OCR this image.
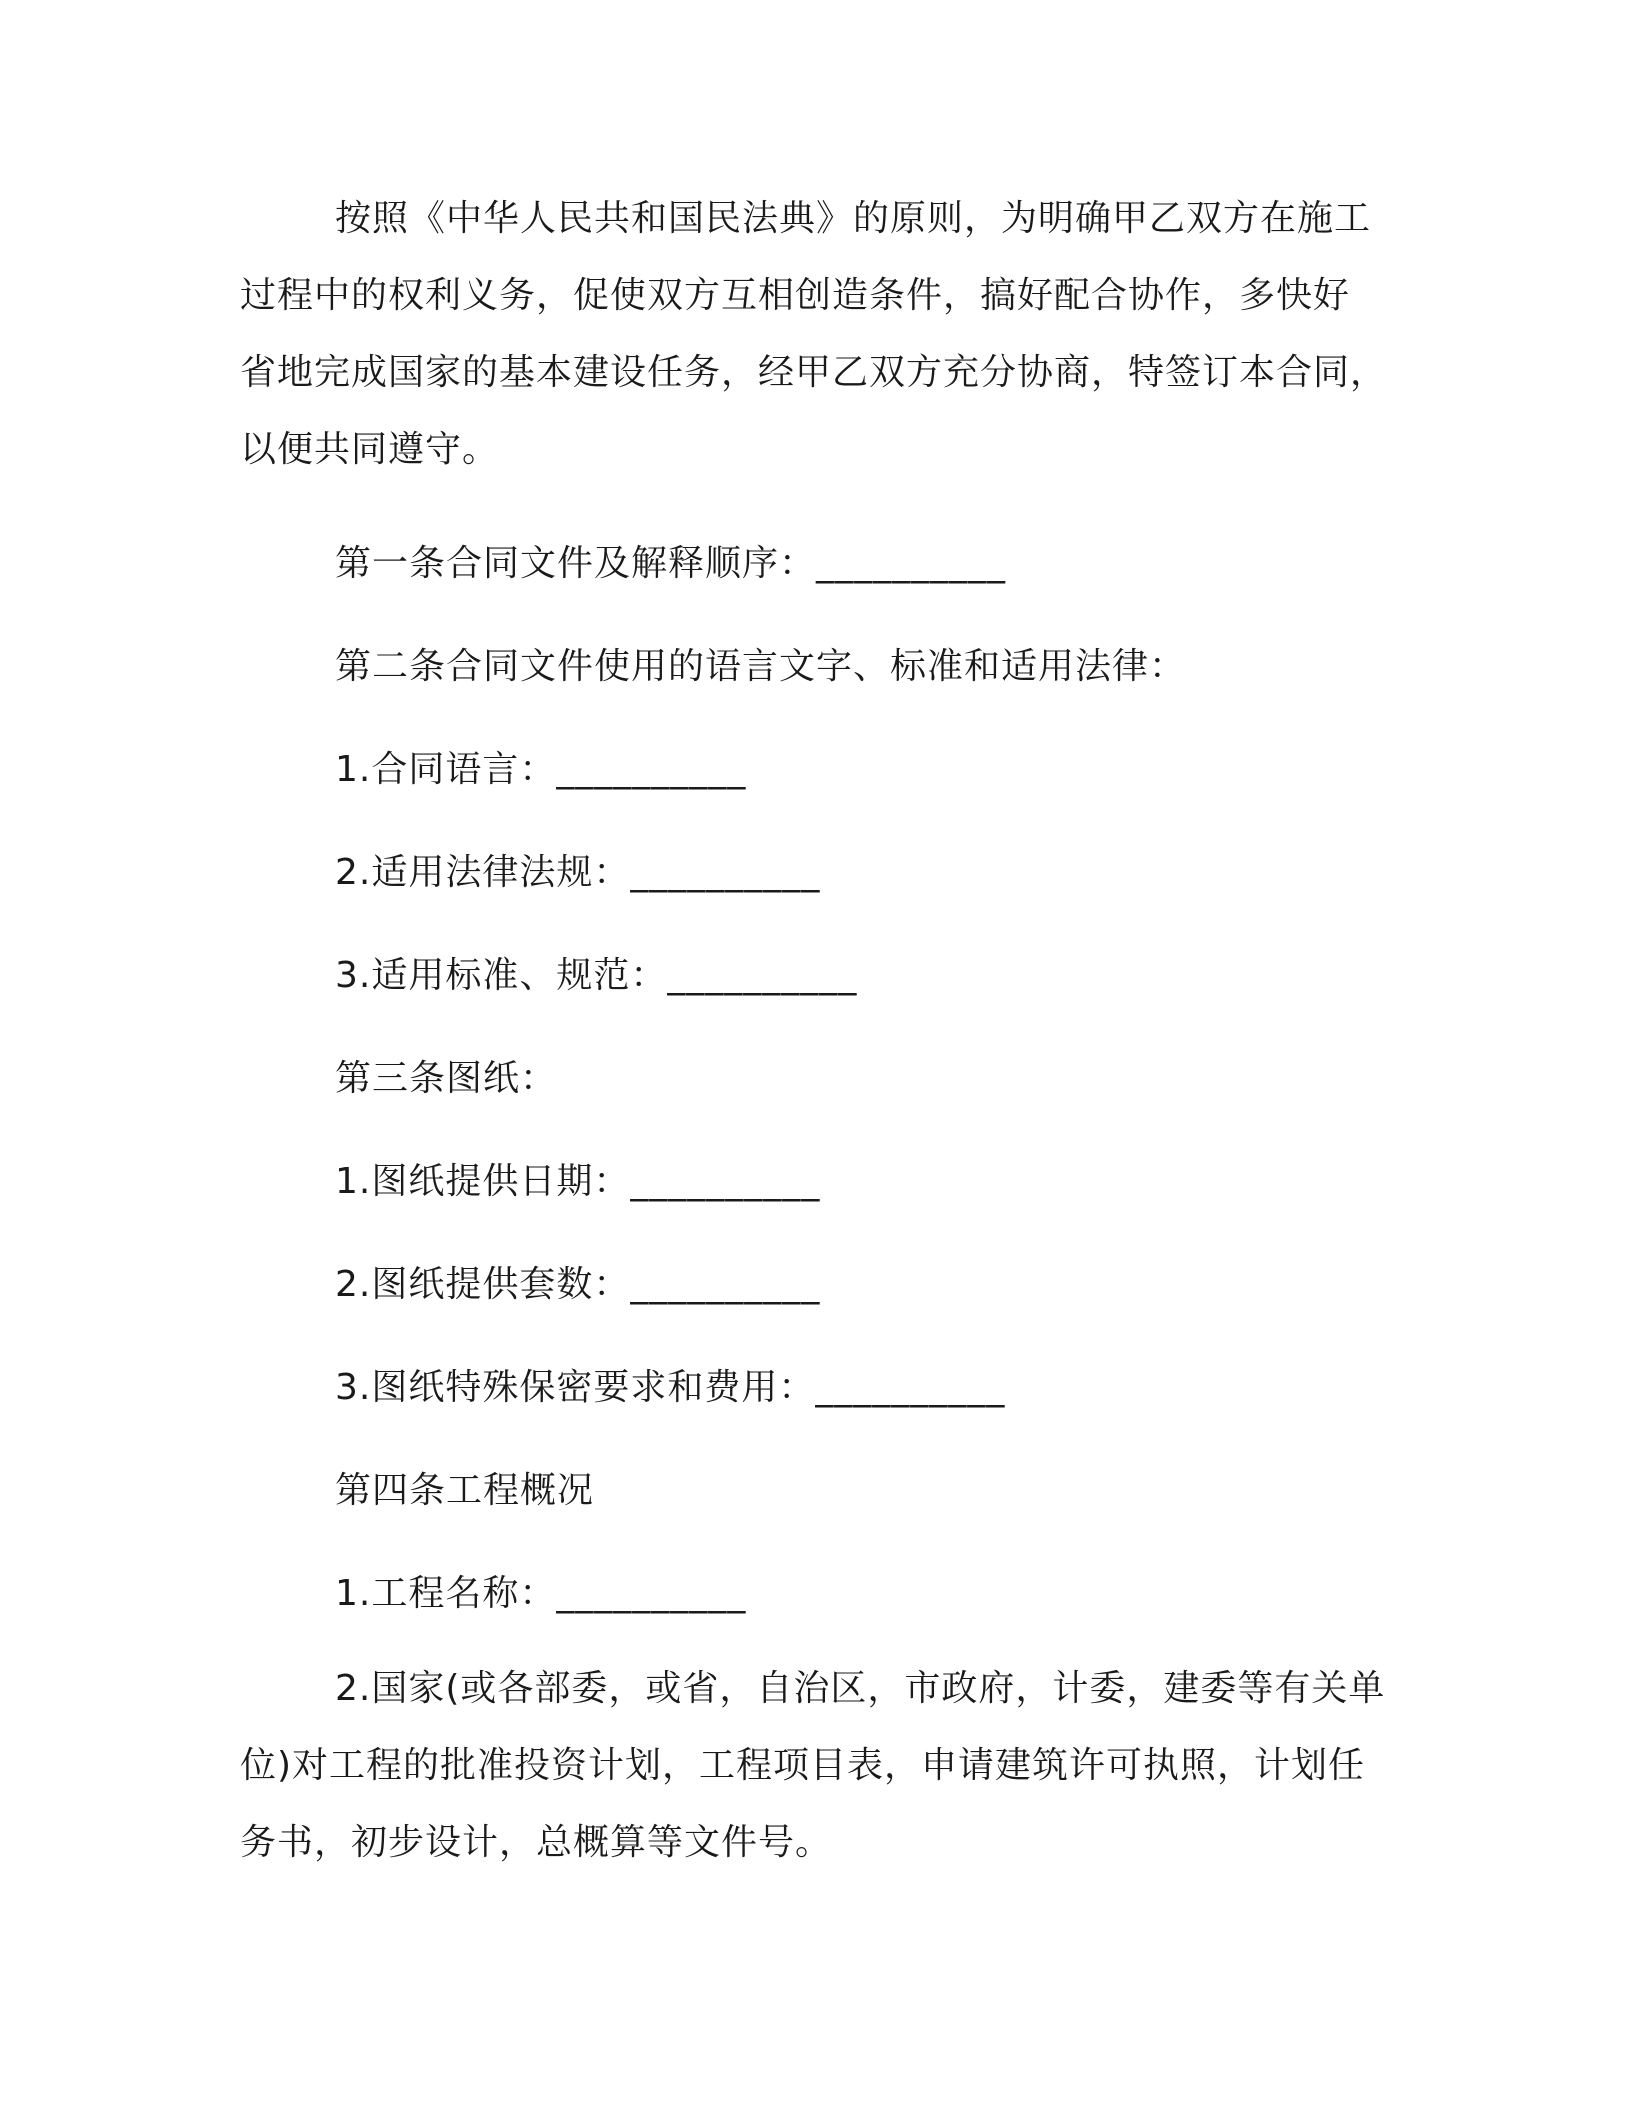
按照《中华人民共和国民法典》的原则，为明确甲乙双方在施工
过程中的权利义务，促使双方互相创造条件，搞好配合协作，多快好
省地完成国家的基本建设任务，经甲乙双方充分协商，特签订本合同，
以便共同遵守。
第一条合同文件及解释顺序：__________
第二条合同文件使用的语言文字、标准和适用法律：
1.合同语言：__________
2.适用法律法规：__________
3.适用标准、规范：__________
第三条图纸：
1.图纸提供日期：__________
2.图纸提供套数：__________
3.图纸特殊保密要求和费用：__________
第四条工程概况
1.工程名称：__________
2.国家(或各部委，或省，自治区，市政府，计委，建委等有关单
位)对工程的批准投资计划，工程项目表，申请建筑许可执照，计划任
务书，初步设计，总概算等文件号。
